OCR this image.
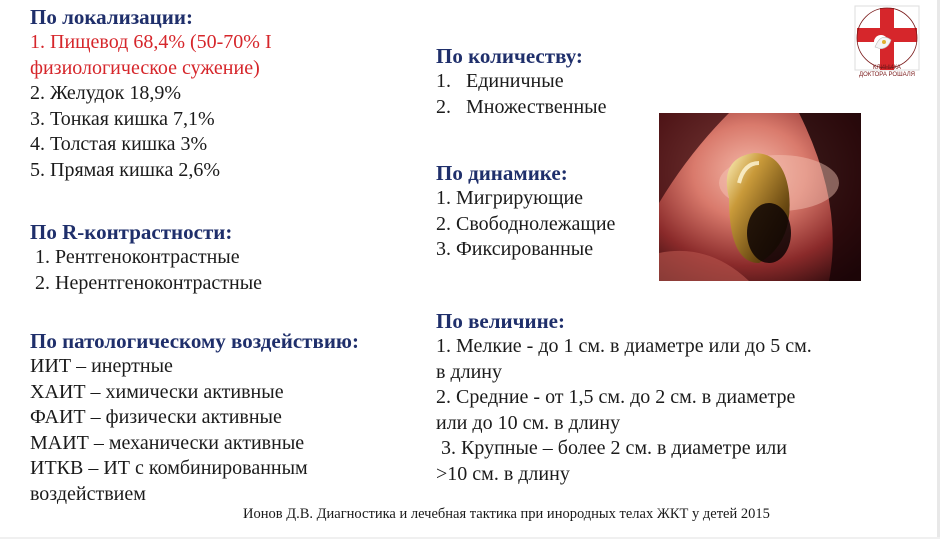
По локализации:
1. Пищевод 68,4% (50-70% I
физиологическое сужение)
2. Желудок 18,9%
3. Тонкая кишка 7,1%
4. Толстая кишка 3%
5. Прямая кишка 2,6%
По R-контрастности:
1. Рентгеноконтрастные
2. Нерентгеноконтрастные
По патологическому воздействию:
ИИТ – инертные
ХАИТ – химически активные
ФАИТ – физически активные
МАИТ – механически активные
ИТКВ – ИТ с комбинированным
воздействием
По количеству:
1. Единичные
2. Множественные
По динамике:
1. Мигрирующие
2. Свободнолежащие
3. Фиксированные
По величине:
1. Мелкие - до 1 см. в диаметре или до 5 см.
в длину
2. Средние - от 1,5 см. до 2 см. в диаметре
или до 10 см. в длину
3. Крупные – более 2 см. в диаметре или
>10 см. в длину
КЛИНИКА
ДОКТОРА РОШАЛЯ
Ионов Д.В. Диагностика и лечебная тактика при инородных телах ЖКТ у детей 2015
